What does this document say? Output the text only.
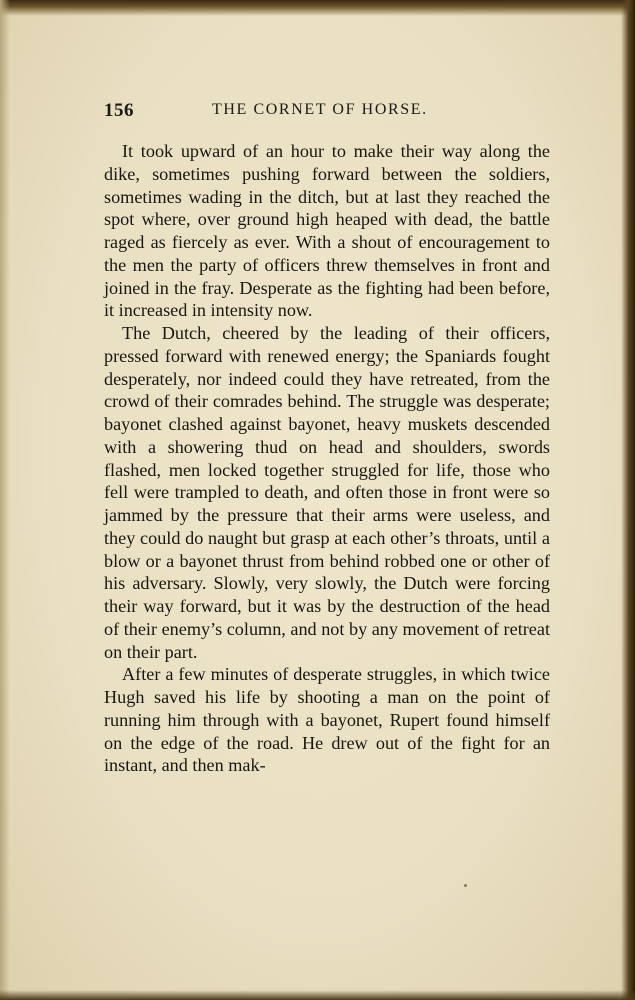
156	THE CORNET OF HORSE.

It took upward of an hour to make their way along the dike, sometimes pushing forward between the soldiers, sometimes wading in the ditch, but at last they reached the spot where, over ground high heaped with dead, the battle raged as fiercely as ever. With a shout of encouragement to the men the party of officers threw themselves in front and joined in the fray. Desperate as the fighting had been before, it increased in intensity now.

The Dutch, cheered by the leading of their officers, pressed forward with renewed energy; the Spaniards fought desperately, nor indeed could they have retreated, from the crowd of their comrades behind. The struggle was desperate; bayonet clashed against bayonet, heavy muskets descended with a showering thud on head and shoulders, swords flashed, men locked together struggled for life, those who fell were trampled to death, and often those in front were so jammed by the pressure that their arms were useless, and they could do naught but grasp at each other’s throats, until a blow or a bayonet thrust from behind robbed one or other of his adversary. Slowly, very slowly, the Dutch were forcing their way forward, but it was by the destruction of the head of their enemy’s column, and not by any movement of retreat on their part.

After a few minutes of desperate struggles, in which twice Hugh saved his life by shooting a man on the point of running him through with a bayonet, Rupert found himself on the edge of the road. He drew out of the fight for an instant, and then mak-
